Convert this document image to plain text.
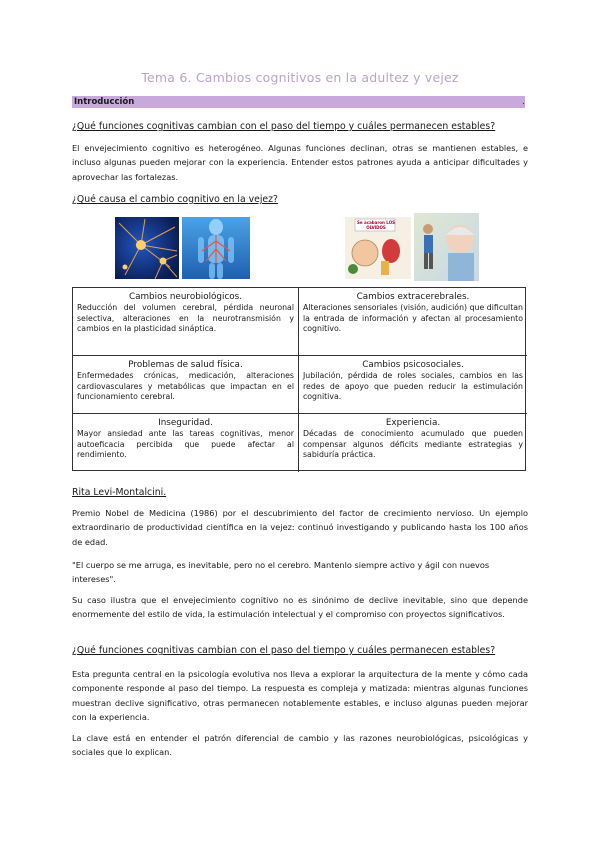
Tema 6. Cambios cognitivos en la adultez y vejez
Introducción	.
¿Qué funciones cognitivas cambian con el paso del tiempo y cuáles permanecen estables?
El envejecimiento cognitivo es heterogéneo. Algunas funciones declinan, otras se mantienen estables, e incluso algunas pueden mejorar con la experiencia. Entender estos patrones ayuda a anticipar dificultades y aprovechar las fortalezas.
¿Qué causa el cambio cognitivo en la vejez?
Se acabaron LOS OLVIDOS
Cambios neurobiológicos.
Reducción del volumen cerebral, pérdida neuronal selectiva, alteraciones en la neurotransmisión y cambios en la plasticidad sináptica.
Cambios extracerebrales.
Alteraciones sensoriales (visión, audición) que dificultan la entrada de información y afectan al procesamiento cognitivo.
Problemas de salud física.
Enfermedades crónicas, medicación, alteraciones cardiovasculares y metabólicas que impactan en el funcionamiento cerebral.
Cambios psicosociales.
Jubilación, pérdida de roles sociales, cambios en las redes de apoyo que pueden reducir la estimulación cognitiva.
Inseguridad.
Mayor ansiedad ante las tareas cognitivas, menor autoeficacia percibida que puede afectar al rendimiento.
Experiencia.
Décadas de conocimiento acumulado que pueden compensar algunos déficits mediante estrategias y sabiduría práctica.
Rita Levi-Montalcini.
Premio Nobel de Medicina (1986) por el descubrimiento del factor de crecimiento nervioso. Un ejemplo extraordinario de productividad científica en la vejez: continuó investigando y publicando hasta los 100 años de edad.
"El cuerpo se me arruga, es inevitable, pero no el cerebro. Mantenlo siempre activo y ágil con nuevos intereses".
Su caso ilustra que el envejecimiento cognitivo no es sinónimo de declive inevitable, sino que depende enormemente del estilo de vida, la estimulación intelectual y el compromiso con proyectos significativos.
¿Qué funciones cognitivas cambian con el paso del tiempo y cuáles permanecen estables?
Esta pregunta central en la psicología evolutiva nos lleva a explorar la arquitectura de la mente y cómo cada componente responde al paso del tiempo. La respuesta es compleja y matizada: mientras algunas funciones muestran declive significativo, otras permanecen notablemente estables, e incluso algunas pueden mejorar con la experiencia.
La clave está en entender el patrón diferencial de cambio y las razones neurobiológicas, psicológicas y sociales que lo explican.
